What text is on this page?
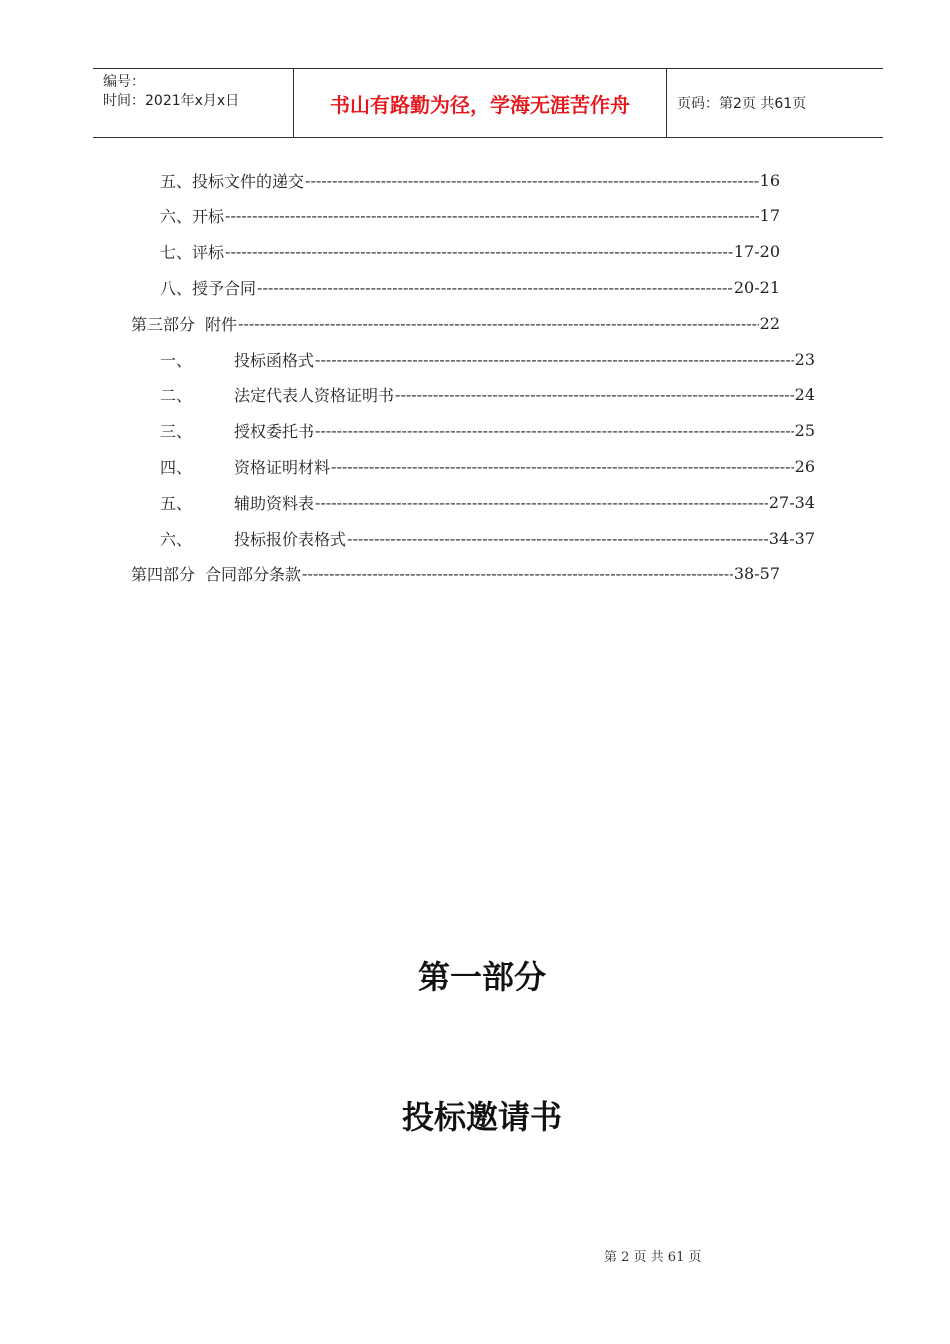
编号：
时间：2021年x月x日	书山有路勤为径，学海无涯苦作舟	页码：第2页 共61页
五、 投标文件的递交 -----	16
六、 开标 -----	17
七、 评标 -----	17-20
八、 授予合同 -----	20-21
第三部分 附件 -----	22
一、	投标函格式 -----	23
二、	法定代表人资格证明书 -----	24
三、	授权委托书 -----	25
四、	资格证明材料 -----	26
五、	辅助资料表 -----	27-34
六、	投标报价表格式 -----	34-37
第四部分 合同部分条款 -----	38-57
第一部分
投标邀请书
第 2 页 共 61 页
